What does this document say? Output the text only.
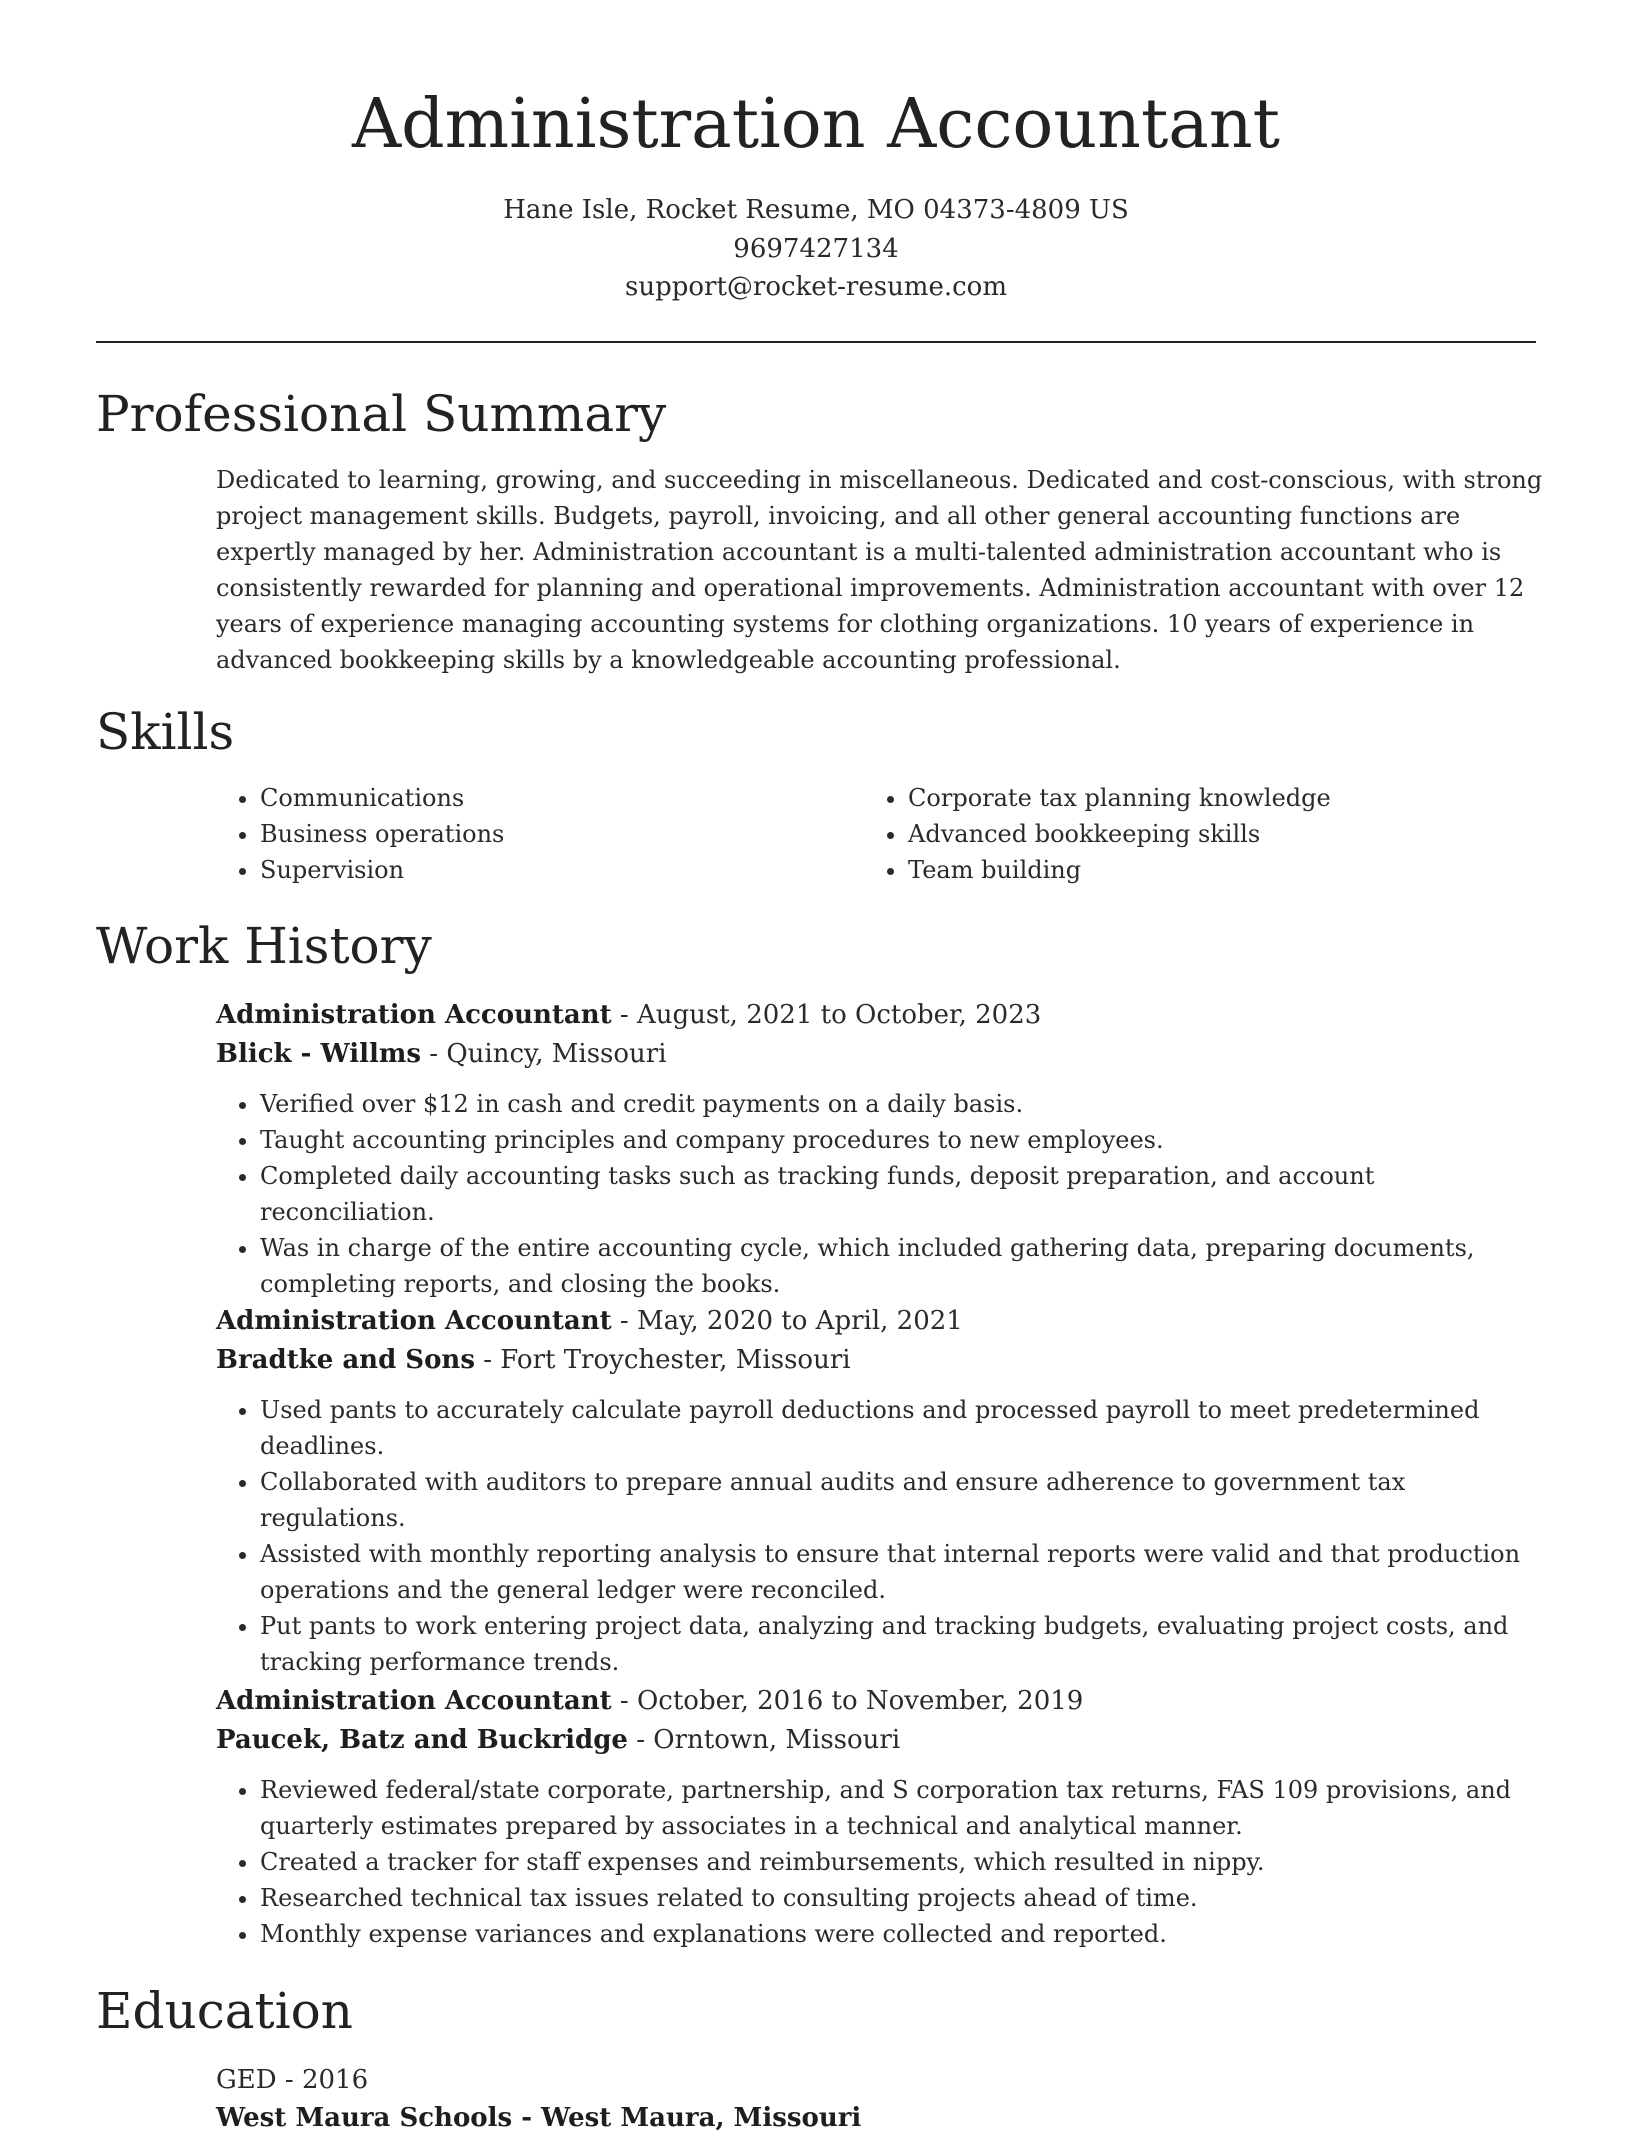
Administration Accountant
Hane Isle, Rocket Resume, MO 04373-4809 US
9697427134
support@rocket-resume.com
Professional Summary

Dedicated to learning, growing, and succeeding in miscellaneous. Dedicated and cost-conscious, with strong project management skills. Budgets, payroll, invoicing, and all other general accounting functions are expertly managed by her. Administration accountant is a multi-talented administration accountant who is consistently rewarded for planning and operational improvements. Administration accountant with over 12 years of experience managing accounting systems for clothing organizations. 10 years of experience in advanced bookkeeping skills by a knowledgeable accounting professional.

Skills
• Communications
• Business operations
• Supervision
• Corporate tax planning knowledge
• Advanced bookkeeping skills
• Team building
Work History
Administration Accountant - August, 2021 to October, 2023
Blick - Willms - Quincy, Missouri
• Verified over $12 in cash and credit payments on a daily basis.
• Taught accounting principles and company procedures to new employees.
• Completed daily accounting tasks such as tracking funds, deposit preparation, and account reconciliation.
• Was in charge of the entire accounting cycle, which included gathering data, preparing documents, completing reports, and closing the books.
Administration Accountant - May, 2020 to April, 2021
Bradtke and Sons - Fort Troychester, Missouri
• Used pants to accurately calculate payroll deductions and processed payroll to meet predetermined deadlines.
• Collaborated with auditors to prepare annual audits and ensure adherence to government tax regulations.
• Assisted with monthly reporting analysis to ensure that internal reports were valid and that production operations and the general ledger were reconciled.
• Put pants to work entering project data, analyzing and tracking budgets, evaluating project costs, and tracking performance trends.
Administration Accountant - October, 2016 to November, 2019
Paucek, Batz and Buckridge - Orntown, Missouri
• Reviewed federal/state corporate, partnership, and S corporation tax returns, FAS 109 provisions, and quarterly estimates prepared by associates in a technical and analytical manner.
• Created a tracker for staff expenses and reimbursements, which resulted in nippy.
• Researched technical tax issues related to consulting projects ahead of time.
• Monthly expense variances and explanations were collected and reported.
Education
GED - 2016
West Maura Schools - West Maura, Missouri
